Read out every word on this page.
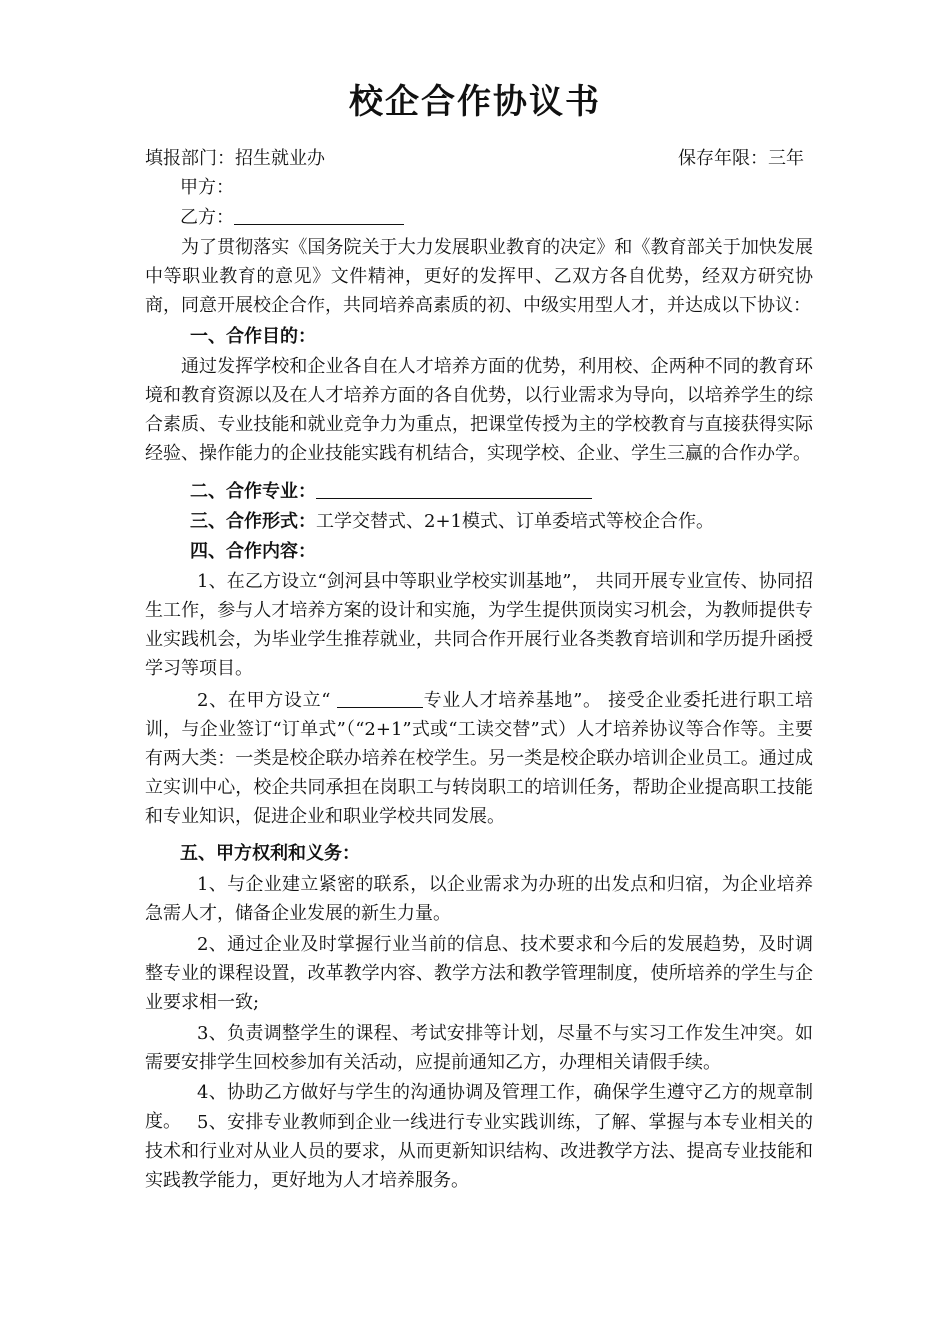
校企合作协议书
填报部门：招生就业办	保存年限：三年
甲方：
乙方：

为了贯彻落实《国务院关于大力发展职业教育的决定》和《教育部关于加快发展中等职业教育的意见》文件精神，更好的发挥甲、乙双方各自优势，经双方研究协商，同意开展校企合作，共同培养高素质的初、中级实用型人才，并达成以下协议：

一、合作目的：

通过发挥学校和企业各自在人才培养方面的优势，利用校、企两种不同的教育环境和教育资源以及在人才培养方面的各自优势，以行业需求为导向，以培养学生的综合素质、专业技能和就业竞争力为重点，把课堂传授为主的学校教育与直接获得实际经验、操作能力的企业技能实践有机结合，实现学校、企业、学生三赢的合作办学。

二、合作专业：
三、合作形式：工学交替式、2+1模式、订单委培式等校企合作。
四、合作内容：

1、在乙方设立“剑河县中等职业学校实训基地”， 共同开展专业宣传、协同招生工作，参与人才培养方案的设计和实施，为学生提供顶岗实习机会，为教师提供专业实践机会，为毕业学生推荐就业，共同合作开展行业各类教育培训和学历提升函授学习等项目。

2、在甲方设立“	专业人才培养基地”。 接受企业委托进行职工培训，与企业签订“订单式”（“2+1”式或“工读交替”式）人才培养协议等合作等。主要有两大类：一类是校企联办培养在校学生。另一类是校企联办培训企业员工。通过成立实训中心，校企共同承担在岗职工与转岗职工的培训任务，帮助企业提高职工技能和专业知识，促进企业和职业学校共同发展。

五、甲方权利和义务：

1、与企业建立紧密的联系，以企业需求为办班的出发点和归宿，为企业培养急需人才，储备企业发展的新生力量。

2、通过企业及时掌握行业当前的信息、技术要求和今后的发展趋势，及时调整专业的课程设置，改革教学内容、教学方法和教学管理制度，使所培养的学生与企业要求相一致;

3、负责调整学生的课程、考试安排等计划，尽量不与实习工作发生冲突。如需要安排学生回校参加有关活动，应提前通知乙方，办理相关请假手续。

4、协助乙方做好与学生的沟通协调及管理工作，确保学生遵守乙方的规章制度。 5、安排专业教师到企业一线进行专业实践训练，了解、掌握与本专业相关的技术和行业对从业人员的要求，从而更新知识结构、改进教学方法、提高专业技能和实践教学能力，更好地为人才培养服务。
